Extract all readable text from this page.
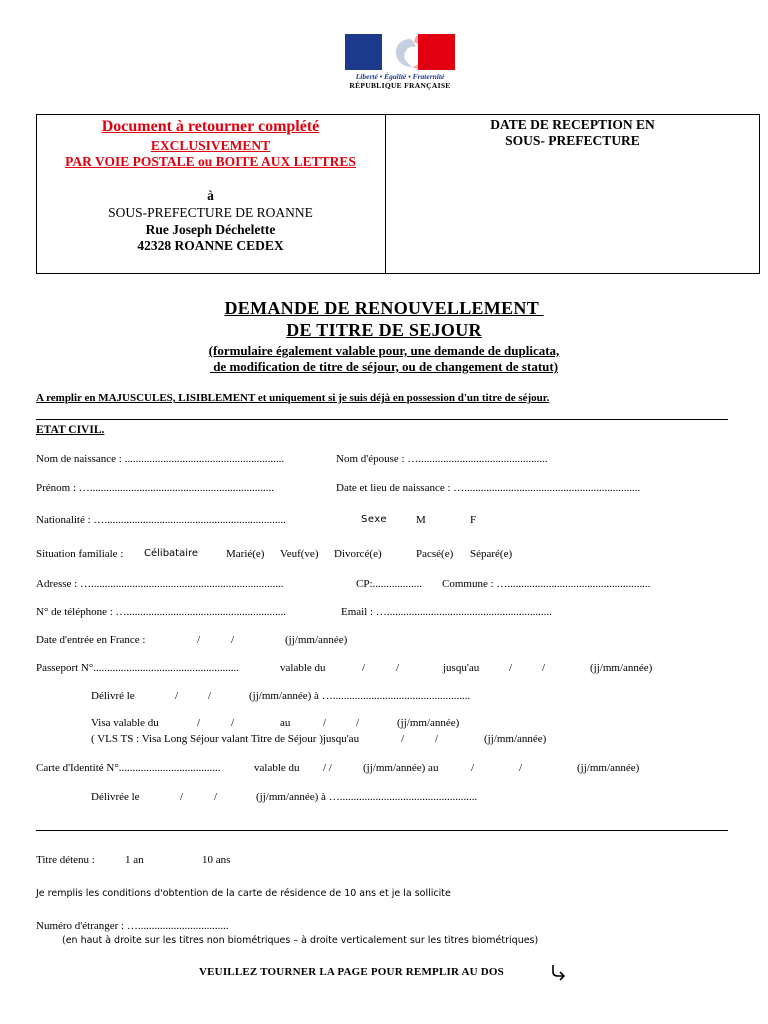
Liberté • Égalité • Fraternité
RÉPUBLIQUE FRANÇAISE
Document à retourner complété
EXCLUSIVEMENT
PAR VOIE POSTALE ou BOITE AUX LETTRES
à
SOUS-PREFECTURE DE ROANNE
Rue Joseph Déchelette
42328 ROANNE CEDEX
DATE DE RECEPTION EN
SOUS- PREFECTURE
DEMANDE DE RENOUVELLEMENT
DE TITRE DE SEJOUR
(formulaire également valable pour, une demande de duplicata,
de modification de titre de séjour, ou de changement de statut)
A remplir en MAJUSCULES, LISIBLEMENT et uniquement si je suis déjà en possession d'un titre de séjour.
ETAT CIVIL.
Nom de naissance : ..........................................................	Nom d'épouse : …...............................................
Prénom : …...................................................................	Date et lieu de naissance : …................................................................
Nationalité : …..................................................................	Sexe	M	F
Situation familiale : Célibataire	Marié(e) Veuf(ve) Divorcé(e)	Pacsé(e) Séparé(e)
Adresse : …......................................................................	CP:.................. Commune : …....................................................
N° de téléphone : …..........................................................	Email : …............................................................
Date d'entrée en France :	/	/	(jj/mm/année)
Passeport N°.....................................................	valable du	/	/	jusqu'au	/	/	(jj/mm/année)
Délivré le	/	/	(jj/mm/année) à …..................................................
Visa valable du	/	/	au	/	/	(jj/mm/année)
( VLS TS : Visa Long Séjour valant Titre de Séjour )jusqu'au	/	/	(jj/mm/année)
Carte d'Identité N°.....................................	valable du / /	(jj/mm/année) au	/	/	(jj/mm/année)
Délivrée le	/	/	(jj/mm/année) à …..................................................
Titre détenu :	1 an	10 ans
Je remplis les conditions d'obtention de la carte de résidence de 10 ans et je la sollicite
Numéro d'étranger : ….................................
(en haut à droite sur les titres non biométriques – à droite verticalement sur les titres biométriques)
VEUILLEZ TOURNER LA PAGE POUR REMPLIR AU DOS
